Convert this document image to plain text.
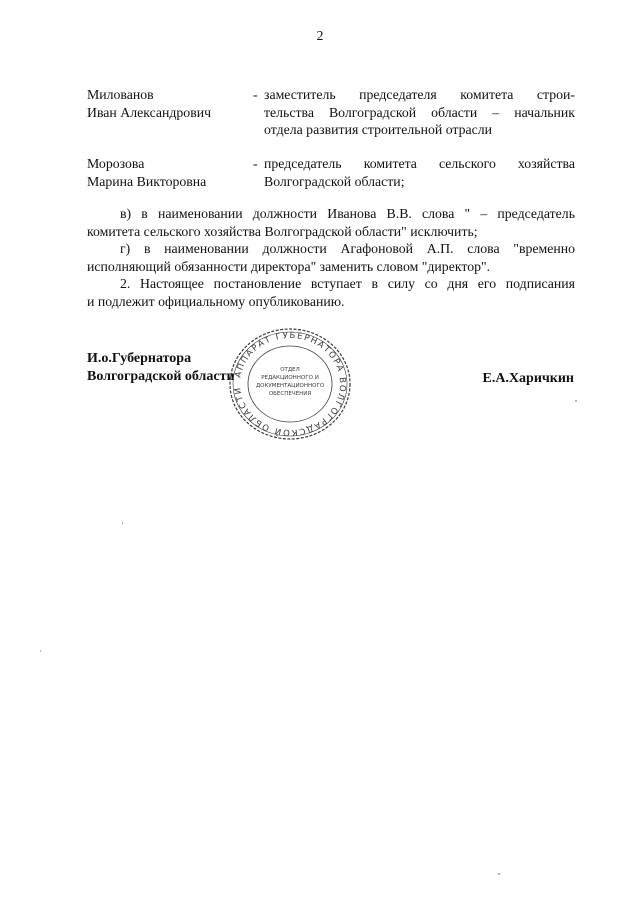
2
Милованов
Иван Александрович
- заместитель председателя комитета строи-
тельства Волгоградской области – начальник
отдела развития строительной отрасли
Морозова
Марина Викторовна
- председатель комитета сельского хозяйства
Волгоградской области;
в) в наименовании должности Иванова В.В. слова " – председатель
комитета сельского хозяйства Волгоградской области" исключить;
г) в наименовании должности Агафоновой А.П. слова "временно
исполняющий обязанности директора" заменить словом "директор".
2. Настоящее постановление вступает в силу со дня его подписания
и подлежит официальному опубликованию.
И.о.Губернатора
Волгоградской области	Е.А.Харичкин
АППАРАТ ГУБЕРНАТОРА ВОЛГОГРАДСКОЙ ОБЛАСТИ
ОТДЕЛ
РЕДАКЦИОННОГО И
ДОКУМЕНТАЦИОННОГО
ОБЕСПЕЧЕНИЯ
